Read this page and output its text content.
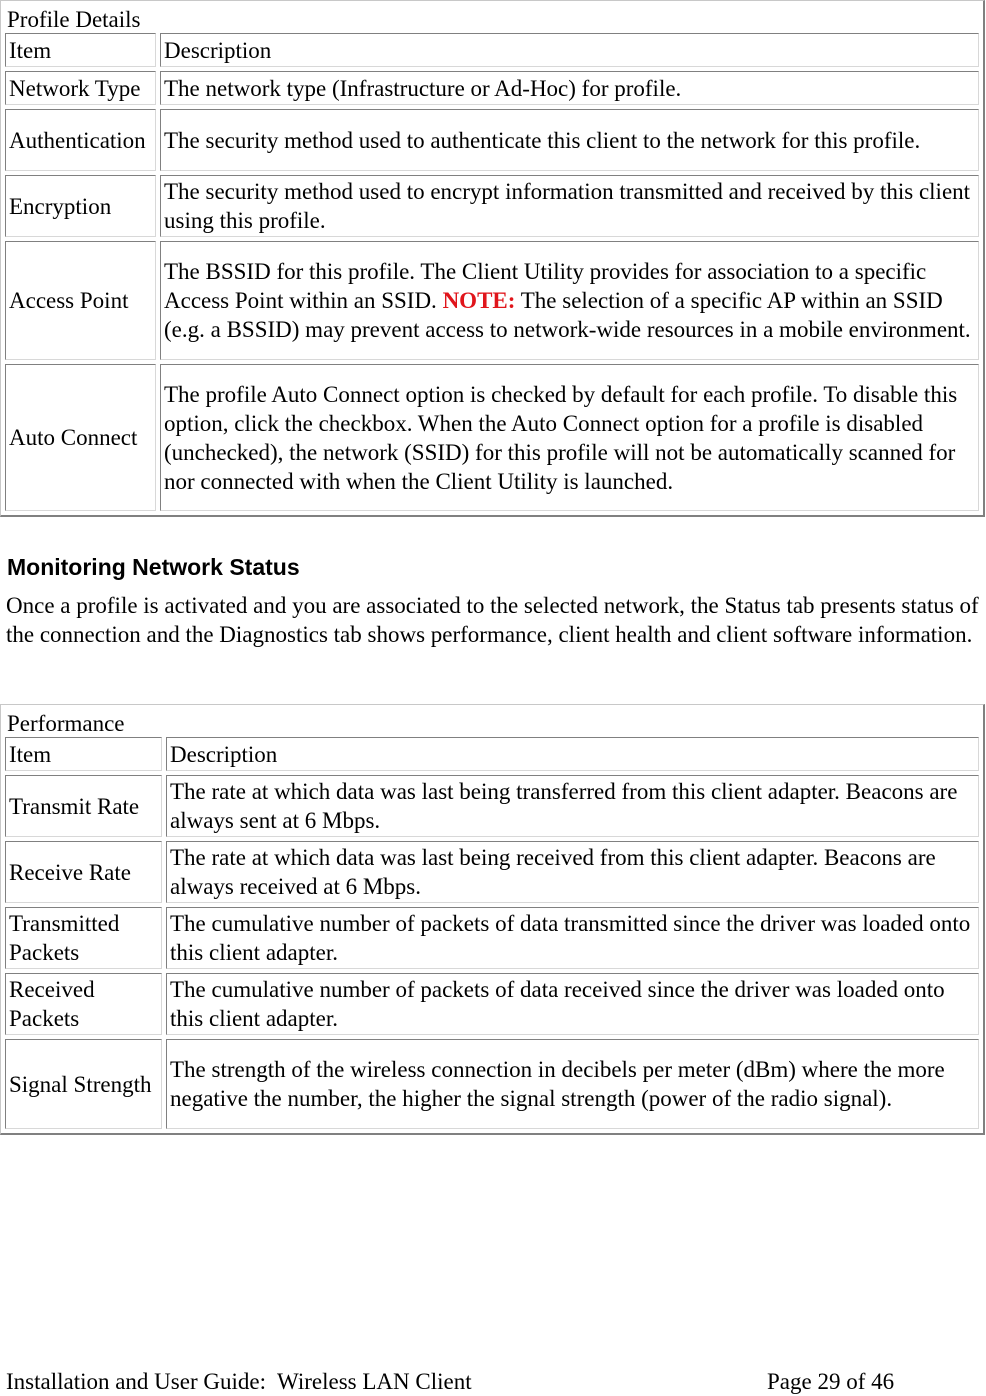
Profile Details
Item	Description
Network Type	The network type (Infrastructure or Ad-Hoc) for profile.
Authentication	The security method used to authenticate this client to the network for this profile.
Encryption	The security method used to encrypt information transmitted and received by this client using this profile.
Access Point	The BSSID for this profile. The Client Utility provides for association to a specific Access Point within an SSID. NOTE: The selection of a specific AP within an SSID (e.g. a BSSID) may prevent access to network-wide resources in a mobile environment.
Auto Connect	The profile Auto Connect option is checked by default for each profile. To disable this option, click the checkbox. When the Auto Connect option for a profile is disabled (unchecked), the network (SSID) for this profile will not be automatically scanned for nor connected with when the Client Utility is launched.
Monitoring Network Status

Once a profile is activated and you are associated to the selected network, the Status tab presents status of the connection and the Diagnostics tab shows performance, client health and client software information.

Performance
Item	Description
Transmit Rate	The rate at which data was last being transferred from this client adapter. Beacons are always sent at 6 Mbps.
Receive Rate	The rate at which data was last being received from this client adapter. Beacons are always received at 6 Mbps.
Transmitted Packets	The cumulative number of packets of data transmitted since the driver was loaded onto this client adapter.
Received Packets	The cumulative number of packets of data received since the driver was loaded onto this client adapter.
Signal Strength	The strength of the wireless connection in decibels per meter (dBm) where the more negative the number, the higher the signal strength (power of the radio signal).
Installation and User Guide:  Wireless LAN Client	Page 29 of 46
